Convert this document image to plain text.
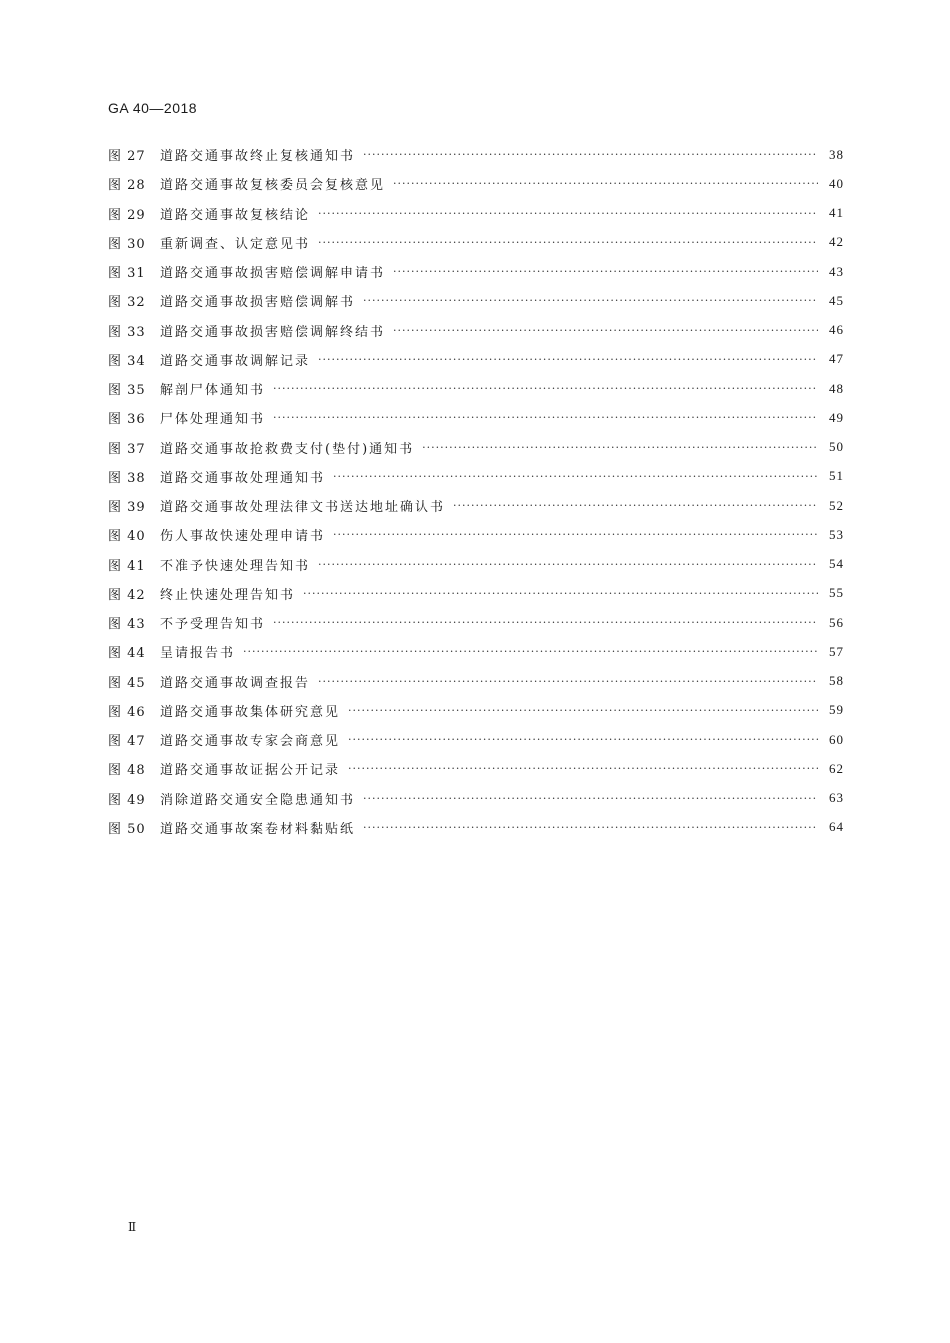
GA 40—2018
图 27	道路交通事故终止复核通知书 ·····	38
图 28	道路交通事故复核委员会复核意见 ·····	40
图 29	道路交通事故复核结论 ·····	41
图 30	重新调查、认定意见书 ·····	42
图 31	道路交通事故损害赔偿调解申请书 ·····	43
图 32	道路交通事故损害赔偿调解书 ·····	45
图 33	道路交通事故损害赔偿调解终结书 ·····	46
图 34	道路交通事故调解记录 ·····	47
图 35	解剖尸体通知书 ·····	48
图 36	尸体处理通知书 ·····	49
图 37	道路交通事故抢救费支付(垫付)通知书 ·····	50
图 38	道路交通事故处理通知书 ·····	51
图 39	道路交通事故处理法律文书送达地址确认书 ·····	52
图 40	伤人事故快速处理申请书 ·····	53
图 41	不准予快速处理告知书 ·····	54
图 42	终止快速处理告知书 ·····	55
图 43	不予受理告知书 ·····	56
图 44	呈请报告书 ·····	57
图 45	道路交通事故调查报告 ·····	58
图 46	道路交通事故集体研究意见 ·····	59
图 47	道路交通事故专家会商意见 ·····	60
图 48	道路交通事故证据公开记录 ·····	62
图 49	消除道路交通安全隐患通知书 ·····	63
图 50	道路交通事故案卷材料黏贴纸 ·····	64
Ⅱ
